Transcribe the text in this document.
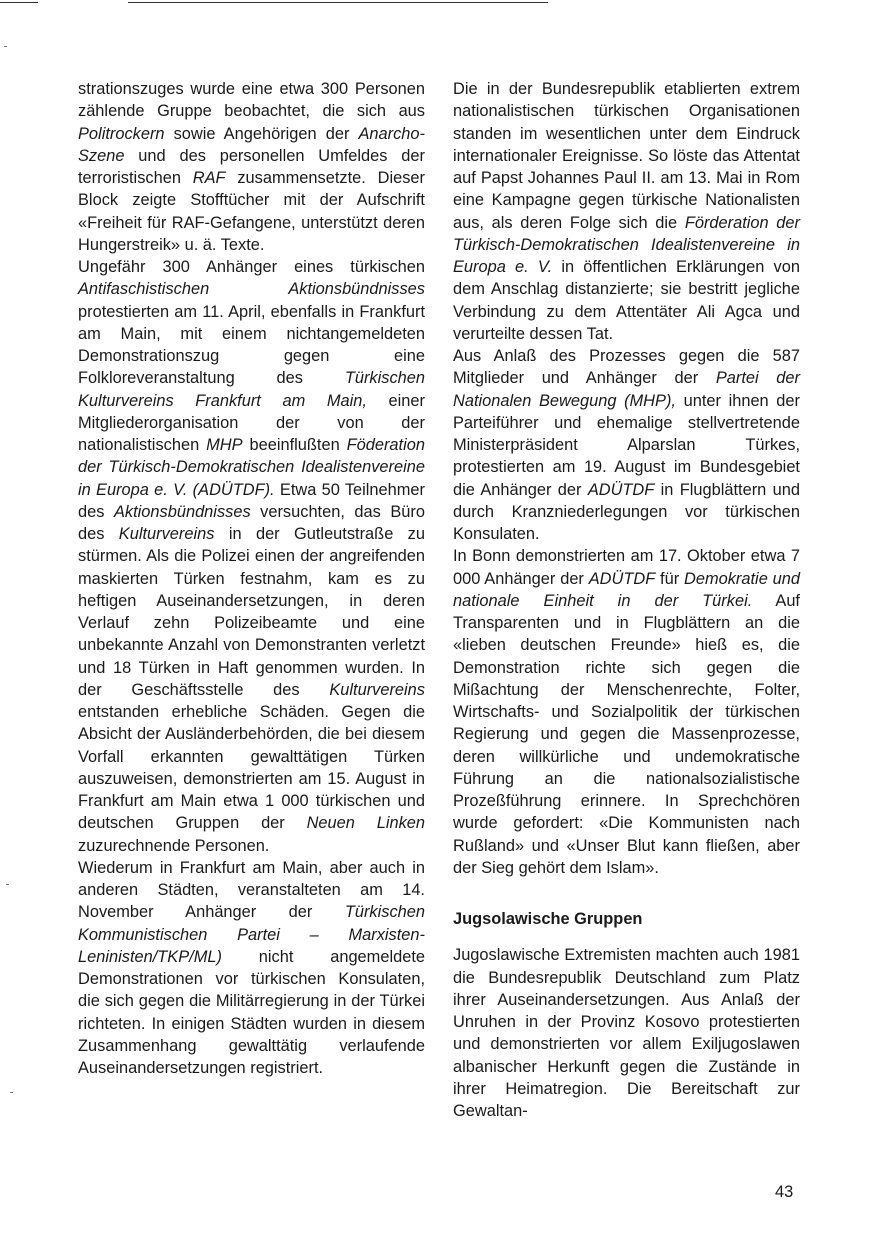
strationszuges wurde eine etwa 300 Personen zählende Gruppe beobachtet, die sich aus Politrockern sowie Angehörigen der Anarcho-Szene und des personellen Umfeldes der terroristischen RAF zusammensetzte. Dieser Block zeigte Stofftücher mit der Aufschrift «Freiheit für RAF-Gefangene, unterstützt deren Hungerstreik» u. ä. Texte.

Ungefähr 300 Anhänger eines türkischen Antifaschistischen Aktionsbündnisses protestierten am 11. April, ebenfalls in Frankfurt am Main, mit einem nichtangemeldeten Demonstrationszug gegen eine Folkloreveranstaltung des Türkischen Kulturvereins Frankfurt am Main, einer Mitgliederorganisation der von der nationalistischen MHP beeinflußten Föderation der Türkisch-Demokratischen Idealistenvereine in Europa e. V. (ADÜTDF). Etwa 50 Teilnehmer des Aktionsbündnisses versuchten, das Büro des Kulturvereins in der Gutleutstraße zu stürmen. Als die Polizei einen der angreifenden maskierten Türken festnahm, kam es zu heftigen Auseinandersetzungen, in deren Verlauf zehn Polizeibeamte und eine unbekannte Anzahl von Demonstranten verletzt und 18 Türken in Haft genommen wurden. In der Geschäftsstelle des Kulturvereins entstanden erhebliche Schäden. Gegen die Absicht der Ausländerbehörden, die bei diesem Vorfall erkannten gewalttätigen Türken auszuweisen, demonstrierten am 15. August in Frankfurt am Main etwa 1 000 türkischen und deutschen Gruppen der Neuen Linken zuzurechnende Personen.

Wiederum in Frankfurt am Main, aber auch in anderen Städten, veranstalteten am 14. November Anhänger der Türkischen Kommunistischen Partei – Marxisten-Leninisten/TKP/ML) nicht angemeldete Demonstrationen vor türkischen Konsulaten, die sich gegen die Militärregierung in der Türkei richteten. In einigen Städten wurden in diesem Zusammenhang gewalttätig verlaufende Auseinandersetzungen registriert.

Die in der Bundesrepublik etablierten extrem nationalistischen türkischen Organisationen standen im wesentlichen unter dem Eindruck internationaler Ereignisse. So löste das Attentat auf Papst Johannes Paul II. am 13. Mai in Rom eine Kampagne gegen türkische Nationalisten aus, als deren Folge sich die Förderation der Türkisch-Demokratischen Idealistenvereine in Europa e. V. in öffentlichen Erklärungen von dem Anschlag distanzierte; sie bestritt jegliche Verbindung zu dem Attentäter Ali Agca und verurteilte dessen Tat.

Aus Anlaß des Prozesses gegen die 587 Mitglieder und Anhänger der Partei der Nationalen Bewegung (MHP), unter ihnen der Parteiführer und ehemalige stellvertretende Ministerpräsident Alparslan Türkes, protestierten am 19. August im Bundesgebiet die Anhänger der ADÜTDF in Flugblättern und durch Kranzniederlegungen vor türkischen Konsulaten.

In Bonn demonstrierten am 17. Oktober etwa 7 000 Anhänger der ADÜTDF für Demokratie und nationale Einheit in der Türkei. Auf Transparenten und in Flugblättern an die «lieben deutschen Freunde» hieß es, die Demonstration richte sich gegen die Mißachtung der Menschenrechte, Folter, Wirtschafts- und Sozialpolitik der türkischen Regierung und gegen die Massenprozesse, deren willkürliche und undemokratische Führung an die nationalsozialistische Prozeßführung erinnere. In Sprechchören wurde gefordert: «Die Kommunisten nach Rußland» und «Unser Blut kann fließen, aber der Sieg gehört dem Islam».

Jugsolawische Gruppen

Jugoslawische Extremisten machten auch 1981 die Bundesrepublik Deutschland zum Platz ihrer Auseinandersetzungen. Aus Anlaß der Unruhen in der Provinz Kosovo protestierten und demonstrierten vor allem Exiljugoslawen albanischer Herkunft gegen die Zustände in ihrer Heimatregion. Die Bereitschaft zur Gewaltan-

43
